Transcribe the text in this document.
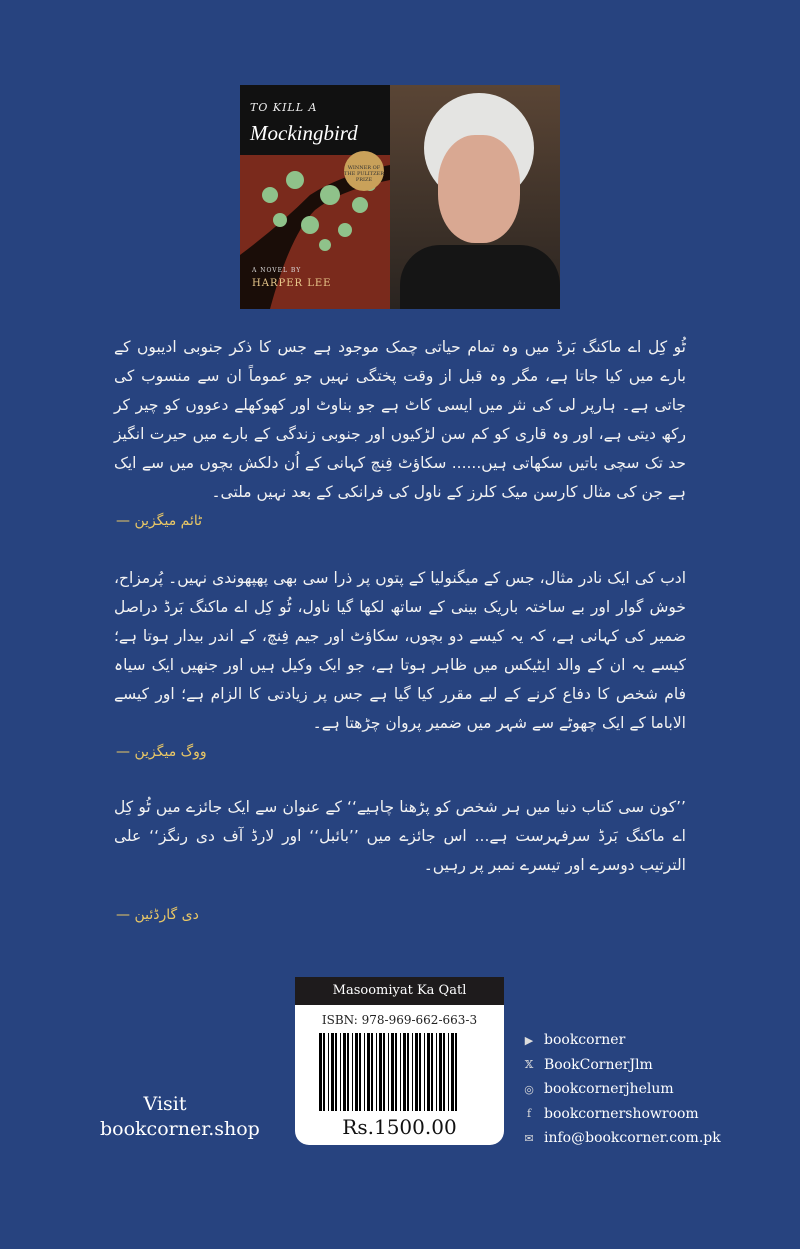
TO KILL A
Mockingbird
WINNER OF THE PULITZER PRIZE
A NOVEL BY
HARPER LEE
ٹُو کِل اے ماکنگ بَرڈ میں وہ تمام حیاتی چمک موجود ہے جس کا ذکر جنوبی ادیبوں کے بارے میں کیا جاتا ہے، مگر وہ قبل از وقت پختگی نہیں جو عموماً ان سے منسوب کی جاتی ہے۔ ہارپر لی کی نثر میں ایسی کاٹ ہے جو بناوٹ اور کھوکھلے دعووں کو چیر کر رکھ دیتی ہے، اور وہ قاری کو کم سن لڑکیوں اور جنوبی زندگی کے بارے میں حیرت انگیز حد تک سچی باتیں سکھاتی ہیں...... سکاؤٹ فِنچ کہانی کے اُن دلکش بچوں میں سے ایک ہے جن کی مثال کارسن میک کلرز کے ناول کی فرانکی کے بعد نہیں ملتی۔
— ٹائم میگزین
ادب کی ایک نادر مثال، جس کے میگنولیا کے پتوں پر ذرا سی بھی پھپھوندی نہیں۔ پُرمزاح، خوش گوار اور بے ساختہ باریک بینی کے ساتھ لکھا گیا ناول، ٹُو کِل اے ماکنگ بَرڈ دراصل ضمیر کی کہانی ہے، کہ یہ کیسے دو بچوں، سکاؤٹ اور جیم فِنچ، کے اندر بیدار ہوتا ہے؛ کیسے یہ ان کے والد ایٹیکس میں ظاہر ہوتا ہے، جو ایک وکیل ہیں اور جنھیں ایک سیاہ فام شخص کا دفاع کرنے کے لیے مقرر کیا گیا ہے جس پر زیادتی کا الزام ہے؛ اور کیسے الاباما کے ایک چھوٹے سے شہر میں ضمیر پروان چڑھتا ہے۔
— ووگ میگزین
’’کون سی کتاب دنیا میں ہر شخص کو پڑھنا چاہیے‘‘ کے عنوان سے ایک جائزے میں ٹُو کِل اے ماکنگ بَرڈ سرفہرست ہے... اس جائزے میں ’’بائبل‘‘ اور لارڈ آف دی رنگز‘‘ علی الترتیب دوسرے اور تیسرے نمبر پر رہیں۔
— دی گارڈئین
Visit
bookcorner.shop
Masoomiyat Ka Qatl
ISBN: 978-969-662-663-3
Rs.1500.00
▶ bookcorner
𝕏 BookCornerJlm
◎ bookcornerjhelum
f bookcornershowroom
✉ info@bookcorner.com.pk
